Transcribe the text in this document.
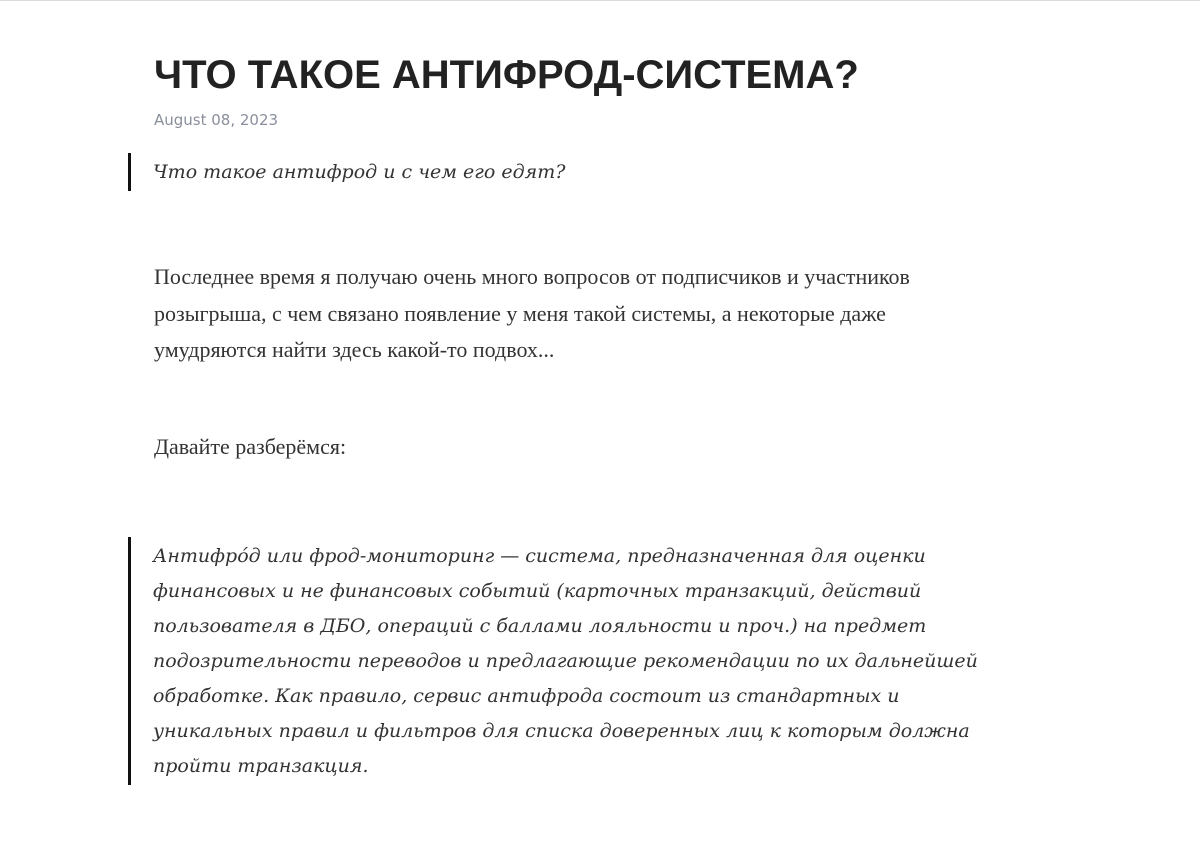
ЧТО ТАКОЕ АНТИФРОД-СИСТЕМА?
August 08, 2023
Что такое антифрод и с чем его едят?

Последнее время я получаю очень много вопросов от подписчиков и участников
розыгрыша, с чем связано появление у меня такой системы, а некоторые даже
умудряются найти здесь какой-то подвох...

Давайте разберёмся:

Антифро́д или фрод-мониторинг — система, предназначенная для оценки
финансовых и не финансовых событий (карточных транзакций, действий
пользователя в ДБО, операций с баллами лояльности и проч.) на предмет
подозрительности переводов и предлагающие рекомендации по их дальнейшей
обработке. Как правило, сервис антифрода состоит из стандартных и
уникальных правил и фильтров для списка доверенных лиц к которым должна
пройти транзакция.
